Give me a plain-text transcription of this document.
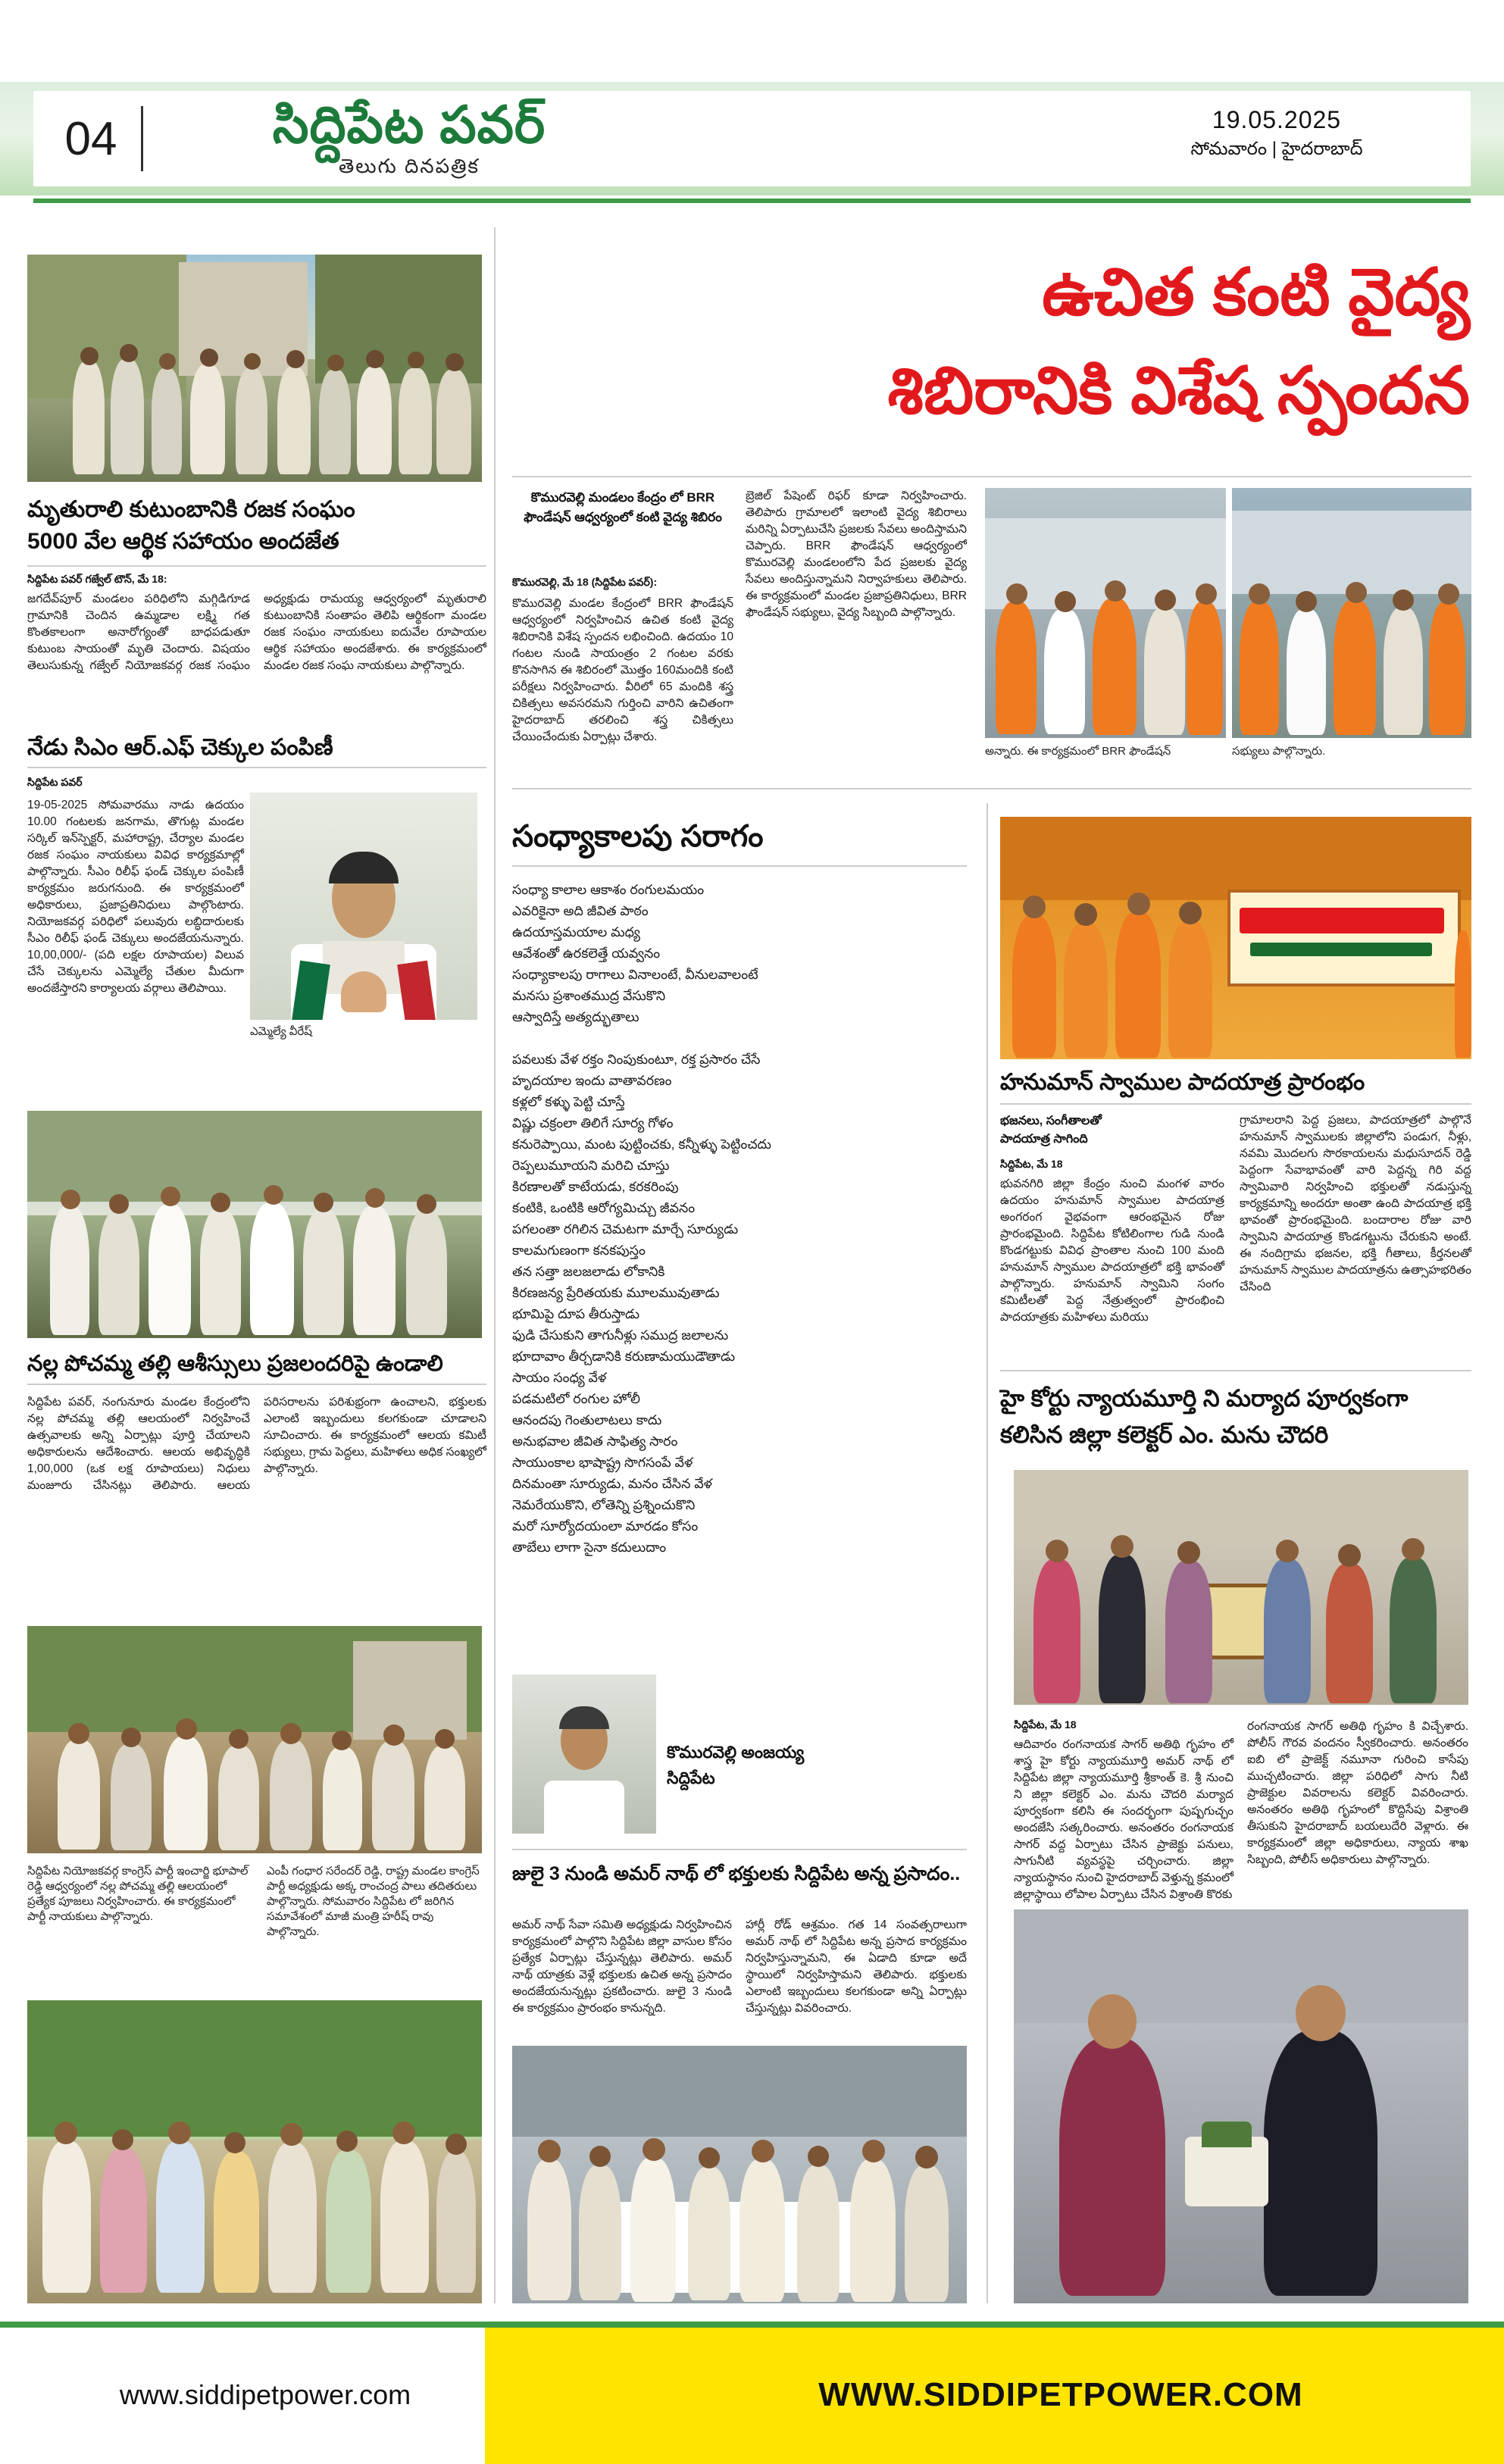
04	సిద్దిపేట పవర్
తెలుగు దినపత్రిక
19.05.2025
సోమవారం | హైదరాబాద్
మృతురాలి కుటుంబానికి రజక సంఘం
5000 వేల ఆర్థిక సహాయం అందజేత
సిద్దిపేట పవర్ గజ్వేల్ టౌన్, మే 18:
జగదేవ్‌పూర్ మండలం పరిధిలోని మగ్గిడిగూడ గ్రామానికి చెందిన ఉమ్మడాల లక్ష్మి గత కొంతకాలంగా అనారోగ్యంతో బాధపడుతూ కుటుంబ సాయంతో మృతి చెందారు. విషయం తెలుసుకున్న గజ్వేల్ నియోజకవర్గ రజక సంఘం అధ్యక్షుడు రామయ్య ఆధ్వర్యంలో మృతురాలి కుటుంబానికి సంతాపం తెలిపి ఆర్థికంగా మండల రజక సంఘం నాయకులు ఐదువేల రూపాయల ఆర్థిక సహాయం అందజేశారు. ఈ కార్యక్రమంలో మండల రజక సంఘ నాయకులు పాల్గొన్నారు.
నేడు సిఎం ఆర్.ఎఫ్ చెక్కుల పంపిణీ
సిద్దిపేట పవర్
19-05-2025 సోమవారము నాడు ఉదయం 10.00 గంటలకు జనగామ, తొగుట్ల మండల సర్కిల్ ఇన్‌స్పెక్టర్, మహారాష్ట్ర, చేర్యాల మండల రజక సంఘం నాయకులు వివిధ కార్యక్రమాల్లో పాల్గొన్నారు. సీఎం రిలీఫ్ ఫండ్ చెక్కుల పంపిణీ కార్యక్రమం జరుగనుంది. ఈ కార్యక్రమంలో అధికారులు, ప్రజాప్రతినిధులు పాల్గొంటారు. నియోజకవర్గ పరిధిలో పలువురు లబ్ధిదారులకు సీఎం రిలీఫ్ ఫండ్ చెక్కులు అందజేయనున్నారు. 10,00,000/- (పది లక్షల రూపాయల) విలువ చేసే చెక్కులను ఎమ్మెల్యే చేతుల మీదుగా అందజేస్తారని కార్యాలయ వర్గాలు తెలిపాయి.
ఎమ్మెల్యే వీరేష్
నల్ల పోచమ్మ తల్లి ఆశీస్సులు ప్రజలందరిపై ఉండాలి
సిద్దిపేట పవర్, నంగునూరు మండల కేంద్రంలోని నల్ల పోచమ్మ తల్లి ఆలయంలో నిర్వహించే ఉత్సవాలకు అన్ని ఏర్పాట్లు పూర్తి చేయాలని అధికారులను ఆదేశించారు. ఆలయ అభివృద్ధికి 1,00,000 (ఒక లక్ష రూపాయలు) నిధులు మంజూరు చేసినట్లు తెలిపారు. ఆలయ పరిసరాలను పరిశుభ్రంగా ఉంచాలని, భక్తులకు ఎలాంటి ఇబ్బందులు కలగకుండా చూడాలని సూచించారు. ఈ కార్యక్రమంలో ఆలయ కమిటీ సభ్యులు, గ్రామ పెద్దలు, మహిళలు అధిక సంఖ్యలో పాల్గొన్నారు.
సిద్దిపేట నియోజకవర్గ కాంగ్రెస్ పార్టీ ఇంచార్జి భూపాల్ రెడ్డి ఆధ్వర్యంలో నల్ల పోచమ్మ తల్లి ఆలయంలో ప్రత్యేక పూజలు నిర్వహించారు. ఈ కార్యక్రమంలో పార్టీ నాయకులు పాల్గొన్నారు.
ఎంపీ గంధార సరేందర్ రెడ్డి, రాష్ట్ర మండల కాంగ్రెస్ పార్టీ అధ్యక్షుడు అక్క రాంచంద్ర పాలు తదితరులు పాల్గొన్నారు. సోమవారం సిద్దిపేట లో జరిగిన సమావేశంలో మాజీ మంత్రి హరీష్ రావు పాల్గొన్నారు.
ఉచిత కంటి వైద్య
శిబిరానికి విశేష స్పందన
కొమురవెల్లి మండలం కేంద్రం లో BRR ఫౌండేషన్ ఆధ్వర్యంలో కంటి వైద్య శిబిరం
కొమురవెల్లి, మే 18 (సిద్దిపేట పవర్):
కొమురవెల్లి మండల కేంద్రంలో BRR ఫౌండేషన్ ఆధ్వర్యంలో నిర్వహించిన ఉచిత కంటి వైద్య శిబిరానికి విశేష స్పందన లభించింది. ఉదయం 10 గంటల నుండి సాయంత్రం 2 గంటల వరకు కొనసాగిన ఈ శిబిరంలో మొత్తం 160మందికి కంటి పరీక్షలు నిర్వహించారు. వీరిలో 65 మందికి శస్త్ర చికిత్సలు అవసరమని గుర్తించి వారిని ఉచితంగా హైదరాబాద్ తరలించి శస్త్ర చికిత్సలు చేయించేందుకు ఏర్పాట్లు చేశారు.
బ్రెజిల్ పేషెంట్ రిఫర్ కూడా నిర్వహించారు. తెలిపారు గ్రామాలలో ఇలాంటి వైద్య శిబిరాలు మరిన్ని ఏర్పాటుచేసి ప్రజలకు సేవలు అందిస్తామని చెప్పారు. BRR ఫౌండేషన్ ఆధ్వర్యంలో కొమురవెల్లి మండలంలోని పేద ప్రజలకు వైద్య సేవలు అందిస్తున్నామని నిర్వాహకులు తెలిపారు. ఈ కార్యక్రమంలో మండల ప్రజాప్రతినిధులు, BRR ఫౌండేషన్ సభ్యులు, వైద్య సిబ్బంది పాల్గొన్నారు.
అన్నారు. ఈ కార్యక్రమంలో BRR ఫౌండేషన్	సభ్యులు పాల్గొన్నారు.
సంధ్యాకాలపు సరాగం
సంధ్యా కాలాల ఆకాశం రంగులమయం
ఎవరికైనా అది జీవిత పాఠం
ఉదయాస్తమయాల మధ్య
ఆవేశంతో ఉరకలెత్తే యవ్వనం
సంధ్యాకాలపు రాగాలు వినాలంటే, వీనులవాలంటే
మనసు ప్రశాంతముద్ర వేసుకొని
ఆస్వాదిస్తే అత్యద్భుతాలు

పవలుకు వేళ రక్తం నింపుకుంటూ, రక్త ప్రసారం చేసే
హృదయాల ఇందు వాతావరణం
కళ్లలో కళ్ళు పెట్టి చూస్తే
విష్ణు చక్రంలా తిలిగే సూర్య గోళం
కనురెప్పాయి, మంట పుట్టించకు, కన్నీళ్ళు పెట్టించదు
రెప్పలుమూయని మరిచి చూస్తు
కిరణాలతో కాటేయడు, కరకరింపు
కంటికి, ఒంటికి ఆరోగ్యమిచ్చు జీవనం
పగలంతా రగిలిన చెమటగా మార్చే సూర్యుడు
కాలమగుణంగా కనకపుస్తం
తన సత్తా జలజలాడు లోకానికి
కిరణజన్య ప్రేరితయకు మూలమువుతాడు
భూమిపై దూప తీరుస్తాడు
ఫుడి చేసుకుని తాగునీళ్లు సముద్ర జలాలను
భూదావాం తీర్చడానికి కరుణామయుడౌతాడు
సాయం సంధ్య వేళ
పడమటిలో రంగుల హోలీ
ఆనందపు గెంతులాటలు కాదు
అనుభవాల జీవిత సాఫిత్య సారం
సాయుంకాల భాషాష్ట్ర సొగసంపే వేళ
దినమంతా సూర్యుడు, మనం చేసిన వేళ
నెమరేయుకొని, లోతెన్ని ప్రశ్నించుకొని
మరో సూర్యోదయంలా మారడం కోసం
తాబేలు లాగా సైనా కదులుదాం
కొమురవెల్లి అంజయ్య
సిద్దిపేట
జులై 3 నుండి అమర్ నాథ్ లో భక్తులకు సిద్దిపేట అన్న ప్రసాదం..
అమర్ నాథ్ సేవా సమితి అధ్యక్షుడు నిర్వహించిన కార్యక్రమంలో పాల్గొని సిద్దిపేట జిల్లా వాసుల కోసం ప్రత్యేక ఏర్పాట్లు చేస్తున్నట్లు తెలిపారు. అమర్ నాథ్ యాత్రకు వెళ్లే భక్తులకు ఉచిత అన్న ప్రసాదం అందజేయనున్నట్లు ప్రకటించారు. జులై 3 నుండి ఈ కార్యక్రమం ప్రారంభం కానున్నది.
హార్లీ రోడ్ ఆశ్రమం. గత 14 సంవత్సరాలుగా అమర్ నాథ్ లో సిద్దిపేట అన్న ప్రసాద కార్యక్రమం నిర్వహిస్తున్నామని, ఈ ఏడాది కూడా అదే స్థాయిలో నిర్వహిస్తామని తెలిపారు. భక్తులకు ఎలాంటి ఇబ్బందులు కలగకుండా అన్ని ఏర్పాట్లు చేస్తున్నట్లు వివరించారు.
హనుమాన్ స్వాముల పాదయాత్ర ప్రారంభం
భజనలు, సంగీతాలతో
పాదయాత్ర సాగింది
సిద్దిపేట, మే 18
భువనగిరి జిల్లా కేంద్రం నుంచి మంగళ వారం ఉదయం హనుమాన్ స్వాముల పాదయాత్ర అంగరంగ వైభవంగా ఆరంభమైన రోజు ప్రారంభమైంది. సిద్దిపేట కోటిలింగాల గుడి నుండి కొండగట్టుకు వివిధ ప్రాంతాల నుంచి 100 మంది హనుమాన్ స్వాముల పాదయాత్రలో భక్తి భావంతో పాల్గొన్నారు. హనుమాన్ స్వామిని సంగం కమిటీలతో పెద్ద నేత్రుత్వంలో ప్రారంభించి పాదయాత్రకు మహిళలు మరియు
గ్రామాలరాని పెద్ద ప్రజలు, పాదయాత్రలో పాల్గొనే హనుమాన్ స్వాములకు జిల్లాలోని పండుగ, నీళ్లు, నవమి మొదలగు సొరకాయలను మధుసూదన్ రెడ్డి పెద్దంగా సేవాభావంతో వారి పెద్దన్న గిరి వద్ద స్వామివారి నిర్వహించి భక్తులతో నడుస్తున్న కార్యక్రమాన్ని అందరూ అంతా ఉంది పాదయాత్ర భక్తి భావంతో ప్రారంభమైంది. బందారాల రోజు వారి స్వామిని పాదయాత్ర కొండగట్టును చేరుకుని అంటే. ఈ నందిగ్రామ భజనల, భక్తి గీతాలు, కీర్తనలతో హనుమాన్ స్వాముల పాదయాత్రను ఉత్సాహభరితం చేసింది
హై కోర్టు న్యాయమూర్తి ని మర్యాద పూర్వకంగా
కలిసిన జిల్లా కలెక్టర్ ఎం. మను చౌదరి
సిద్దిపేట, మే 18
ఆదివారం రంగనాయక సాగర్ అతిథి గృహం లో శాస్త్ర హై కోర్టు న్యాయమూర్తి అమర్ నాథ్ లో సిద్దిపేట జిల్లా న్యాయమూర్తి శ్రీకాంత్ కె. శ్రీ నుంచి ని జిల్లా కలెక్టర్ ఎం. మను చౌదరి మర్యాద పూర్వకంగా కలిసి ఈ సందర్భంగా పుష్పగుచ్ఛం అందజేసి సత్కరించారు. అనంతరం రంగనాయక సాగర్ వద్ద ఏర్పాటు చేసిన ప్రాజెక్టు పనులు, సాగునీటి వ్యవస్థపై చర్చించారు. జిల్లా న్యాయస్థానం నుంచి హైదరాబాద్ వెళ్తున్న క్రమంలో జిల్లాస్థాయి లోపాల ఏర్పాటు చేసిన విశ్రాంతి కొరకు
రంగనాయక సాగర్ అతిథి గృహం కి విచ్చేశారు. పోలీస్ గౌరవ వందనం స్వీకరించారు. అనంతరం ఐబి లో ప్రాజెక్ట్ నమూనా గురించి కాసేపు ముచ్చటించారు. జిల్లా పరిధిలో సాగు నీటి ప్రాజెక్టుల వివరాలను కలెక్టర్ వివరించారు. అనంతరం అతిథి గృహంలో కొద్దిసేపు విశ్రాంతి తీసుకుని హైదరాబాద్ బయలుదేరి వెళ్లారు. ఈ కార్యక్రమంలో జిల్లా అధికారులు, న్యాయ శాఖ సిబ్బంది, పోలీస్ అధికారులు పాల్గొన్నారు.
www.siddipetpower.com	WWW.SIDDIPETPOWER.COM
